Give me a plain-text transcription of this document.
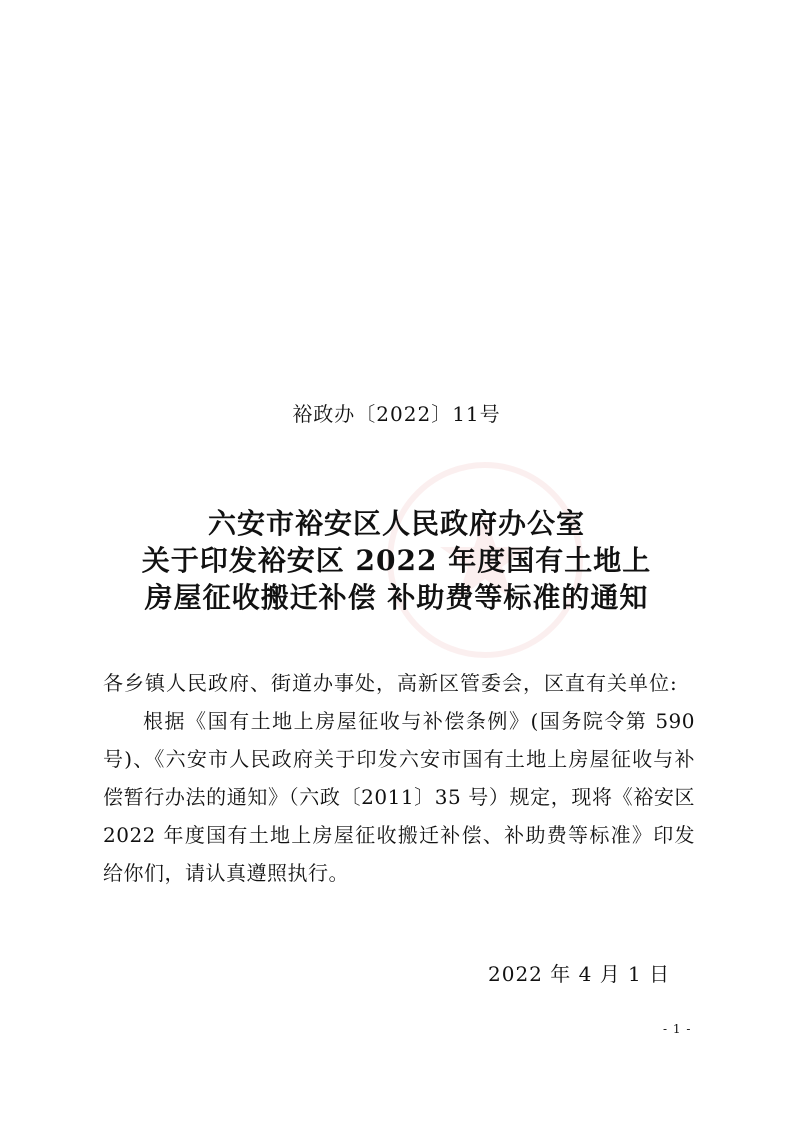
裕政办〔2022〕11号
六安市裕安区人民政府办公室
关于印发裕安区 2022 年度国有土地上
房屋征收搬迁补偿 补助费等标准的通知

各乡镇人民政府、街道办事处，高新区管委会，区直有关单位:

根据《国有土地上房屋征收与补偿条例》(国务院令第 590 号)、《六安市人民政府关于印发六安市国有土地上房屋征收与补偿暂行办法的通知》（六政〔2011〕35 号）规定，现将《裕安区 2022 年度国有土地上房屋征收搬迁补偿、补助费等标准》印发给你们，请认真遵照执行。

2022 年 4 月 1 日
- 1 -
